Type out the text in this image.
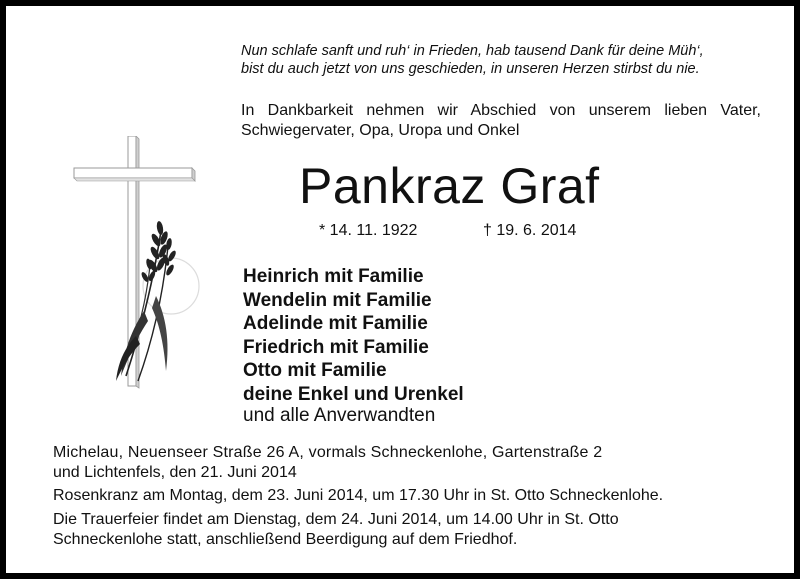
Nun schlafe sanft und ruh‘ in Frieden, hab tausend Dank für deine Müh‘,
bist du auch jetzt von uns geschieden, in unseren Herzen stirbst du nie.
In Dankbarkeit nehmen wir Abschied von unserem lieben Vater,
Schwiegervater, Opa, Uropa und Onkel
Pankraz Graf
* 14. 11. 1922	† 19. 6. 2014
Heinrich mit Familie
Wendelin mit Familie
Adelinde mit Familie
Friedrich mit Familie
Otto mit Familie
deine Enkel und Urenkel
und alle Anverwandten
Michelau, Neuenseer Straße 26 A, vormals Schneckenlohe, Gartenstraße 2
und Lichtenfels, den 21. Juni 2014
Rosenkranz am Montag, dem 23. Juni 2014, um 17.30 Uhr in St. Otto Schneckenlohe.
Die Trauerfeier findet am Dienstag, dem 24. Juni 2014, um 14.00 Uhr in St. Otto
Schneckenlohe statt, anschließend Beerdigung auf dem Friedhof.
